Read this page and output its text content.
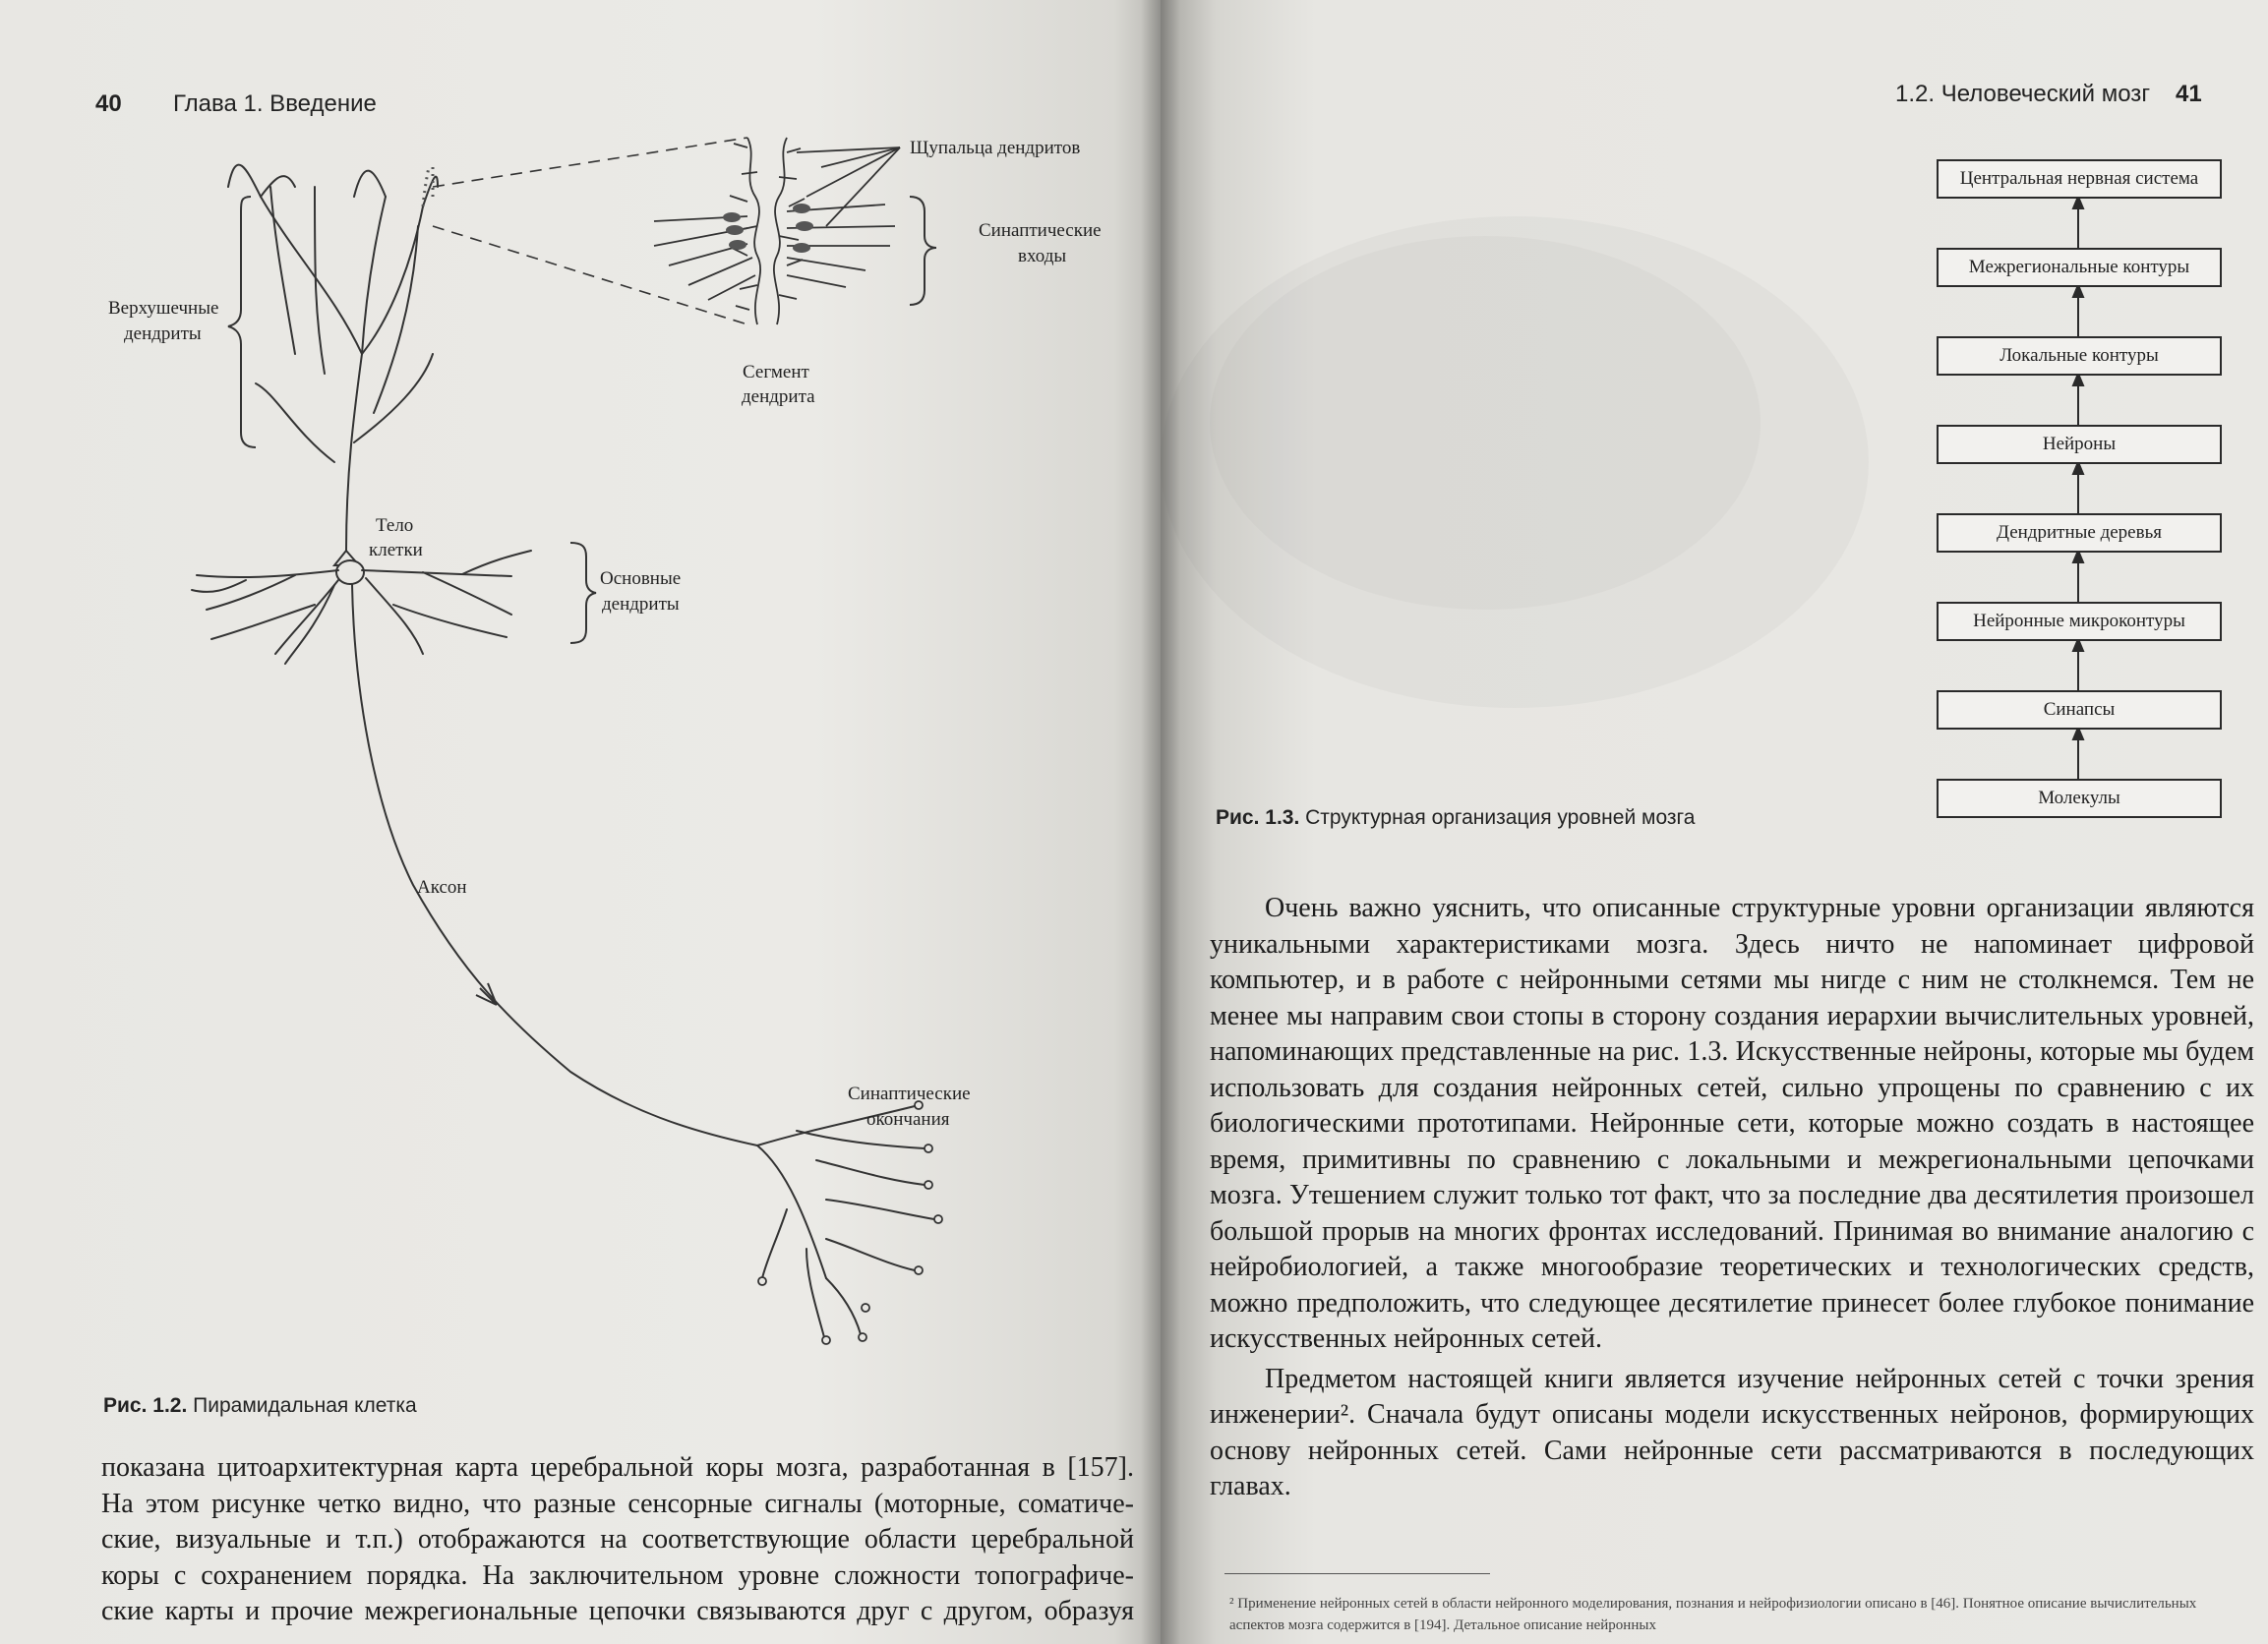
40 Глава 1. Введение
Верхушечные
дендриты
Щупальца дендритов
Синаптические
входы
Сегмент
дендрита
Тело
клетки
Основные
дендриты
Аксон
Синаптические
окончания
Рис. 1.2. Пирамидальная клетка
показана цитоархитектурная карта церебральной коры мозга, разработанная в [157].
На этом рисунке четко видно, что разные сенсорные сигналы (моторные, соматиче-
ские, визуальные и т.п.) отображаются на соответствующие области церебральной
коры с сохранением порядка. На заключительном уровне сложности топографиче-
ские карты и прочие межрегиональные цепочки связываются друг с другом, образуя
1.2. Человеческий мозг 41
Центральная нервная система
Межрегиональные контуры
Локальные контуры
Нейроны
Дендритные деревья
Нейронные микроконтуры
Синапсы
Молекулы
Рис. 1.3. Структурная организация уровней мозга

Очень важно уяснить, что описанные структурные уровни организации являются уникальными характеристиками мозга. Здесь ничто не напоминает цифровой компьютер, и в работе с нейронными сетями мы нигде с ним не столкнемся. Тем не менее мы направим свои стопы в сторону создания иерархии вычислительных уровней, напоминающих представленные на рис. 1.3. Искусственные нейроны, которые мы будем использовать для создания нейронных сетей, сильно упрощены по сравнению с их биологическими прототипами. Нейронные сети, которые можно создать в настоящее время, примитивны по сравнению с локальными и межрегиональными цепочками мозга. Утешением служит только тот факт, что за последние два десятилетия произошел большой прорыв на многих фронтах исследований. Принимая во внимание аналогию с нейробиологией, а также многообразие теоретических и технологических средств, можно предположить, что следующее десятилетие принесет более глубокое понимание искусственных нейронных сетей.

Предметом настоящей книги является изучение нейронных сетей с точки зрения инженерии². Сначала будут описаны модели искусственных нейронов, формирующих основу нейронных сетей. Сами нейронные сети рассматриваются в последующих главах.

² Применение нейронных сетей в области нейронного моделирования, познания и нейрофизиологии описано в [46]. Понятное описание вычислительных аспектов мозга содержится в [194]. Детальное описание нейронных
